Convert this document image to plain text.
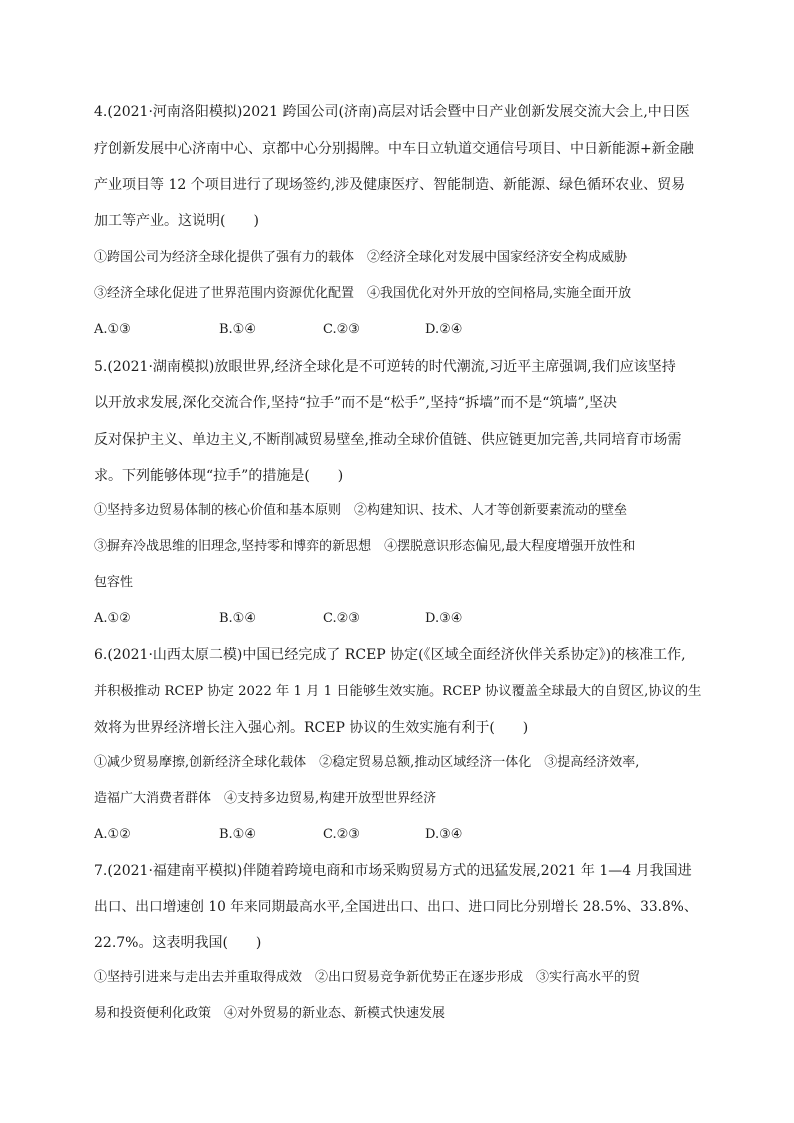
4.(2021·河南洛阳模拟)2021 跨国公司(济南)高层对话会暨中日产业创新发展交流大会上,中日医
疗创新发展中心济南中心、京都中心分别揭牌。中车日立轨道交通信号项目、中日新能源+新金融
产业项目等 12 个项目进行了现场签约,涉及健康医疗、智能制造、新能源、绿色循环农业、贸易
加工等产业。这说明(　　)
①跨国公司为经济全球化提供了强有力的载体　②经济全球化对发展中国家经济安全构成威胁
③经济全球化促进了世界范围内资源优化配置　④我国优化对外开放的空间格局,实施全面开放
A.①③	B.①④	C.②③	D.②④
5.(2021·湖南模拟)放眼世界,经济全球化是不可逆转的时代潮流,习近平主席强调,我们应该坚持
以开放求发展,深化交流合作,坚持“拉手”而不是“松手”,坚持“拆墙”而不是“筑墙”,坚决
反对保护主义、单边主义,不断削减贸易壁垒,推动全球价值链、供应链更加完善,共同培育市场需
求。下列能够体现“拉手”的措施是(　　)
①坚持多边贸易体制的核心价值和基本原则　②构建知识、技术、人才等创新要素流动的壁垒
③摒弃冷战思维的旧理念,坚持零和博弈的新思想　④摆脱意识形态偏见,最大程度增强开放性和
包容性
A.①②	B.①④	C.②③	D.③④
6.(2021·山西太原二模)中国已经完成了 RCEP 协定(《区域全面经济伙伴关系协定》)的核准工作,
并积极推动 RCEP 协定 2022 年 1 月 1 日能够生效实施。RCEP 协议覆盖全球最大的自贸区,协议的生
效将为世界经济增长注入强心剂。RCEP 协议的生效实施有利于(　　)
①减少贸易摩擦,创新经济全球化载体　②稳定贸易总额,推动区域经济一体化　③提高经济效率,
造福广大消费者群体　④支持多边贸易,构建开放型世界经济
A.①②	B.①④	C.②③	D.③④
7.(2021·福建南平模拟)伴随着跨境电商和市场采购贸易方式的迅猛发展,2021 年 1—4 月我国进
出口、出口增速创 10 年来同期最高水平,全国进出口、出口、进口同比分别增长 28.5%、33.8%、
22.7%。这表明我国(　　)
①坚持引进来与走出去并重取得成效　②出口贸易竞争新优势正在逐步形成　③实行高水平的贸
易和投资便利化政策　④对外贸易的新业态、新模式快速发展
